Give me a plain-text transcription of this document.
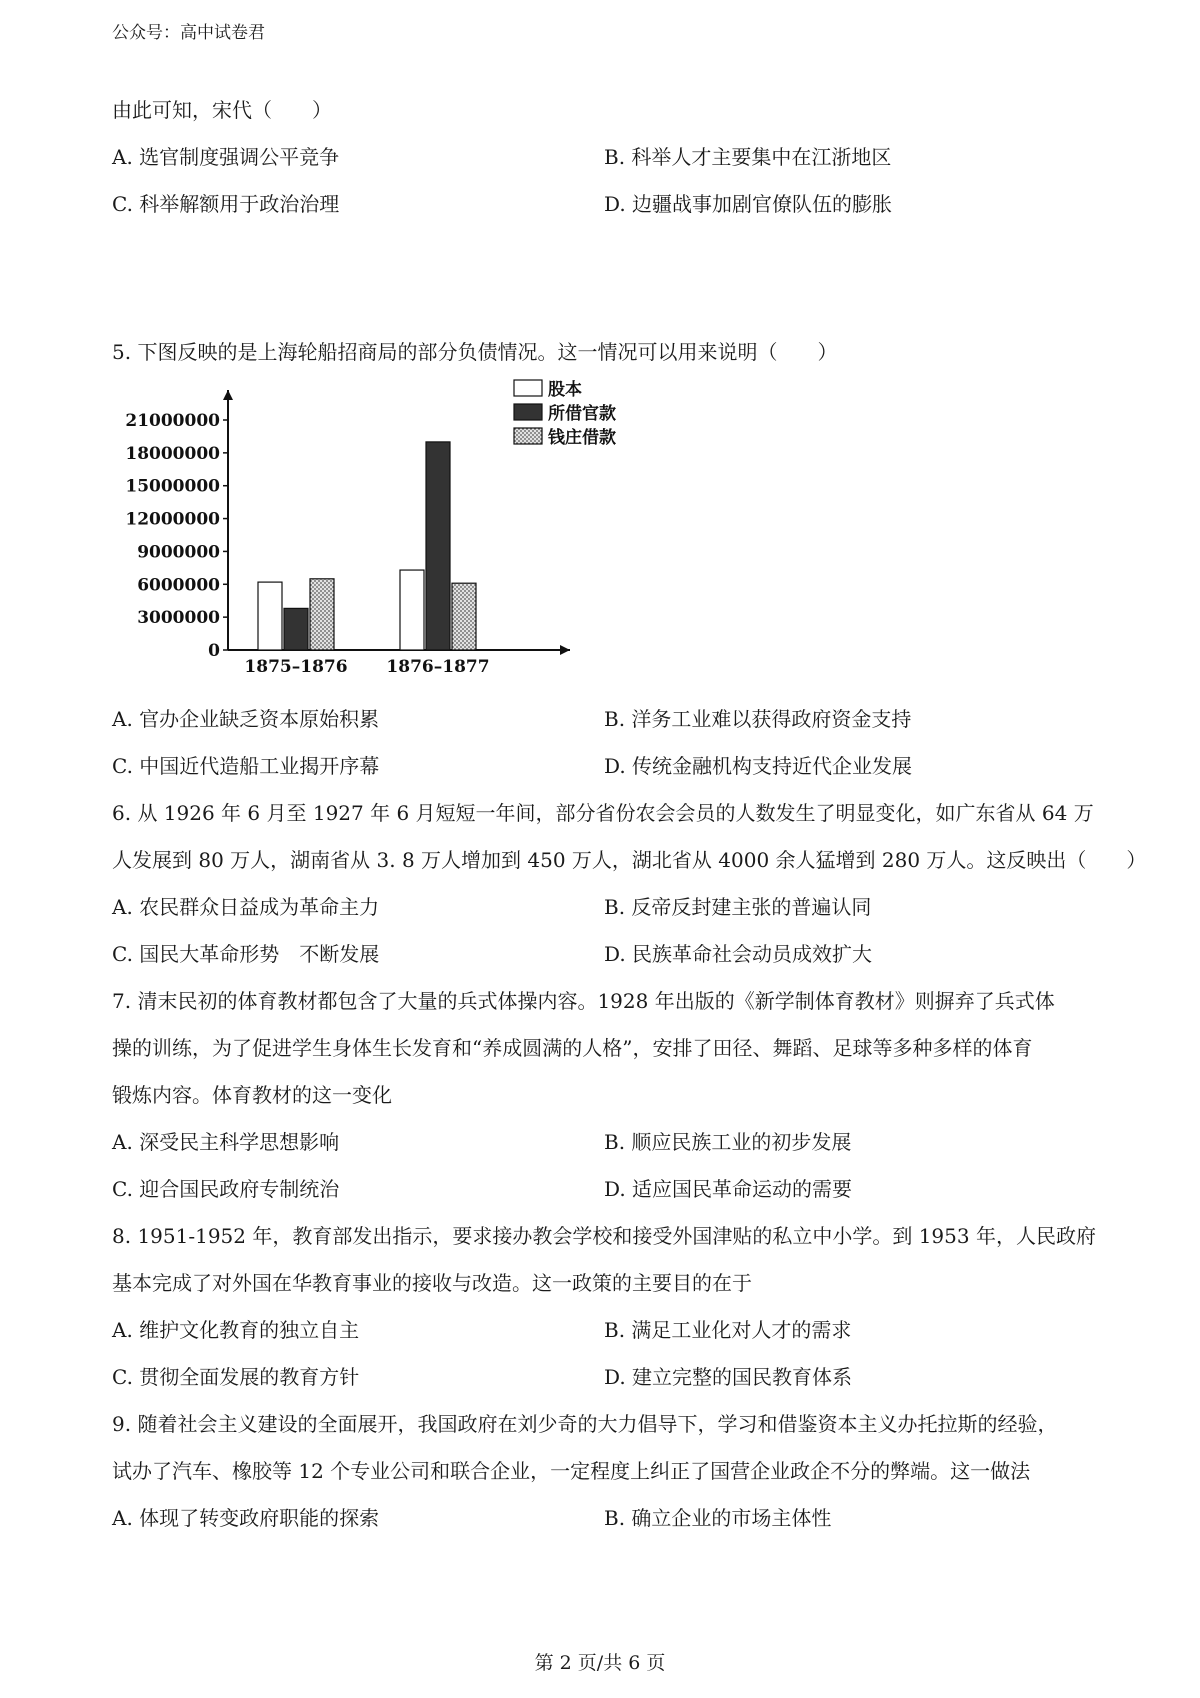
公众号：高中试卷君
由此可知，宋代（　　）
A. 选官制度强调公平竞争	B. 科举人才主要集中在江浙地区
C. 科举解额用于政治治理	D. 边疆战事加剧官僚队伍的膨胀
5. 下图反映的是上海轮船招商局的部分负债情况。这一情况可以用来说明（　　）
0
3000000
6000000
9000000
12000000
15000000
18000000
21000000
1875–1876 1876–1877
股本
所借官款
钱庄借款
A. 官办企业缺乏资本原始积累	B. 洋务工业难以获得政府资金支持
C. 中国近代造船工业揭开序幕	D. 传统金融机构支持近代企业发展
6. 从 1926 年 6 月至 1927 年 6 月短短一年间，部分省份农会会员的人数发生了明显变化，如广东省从 64 万
人发展到 80 万人，湖南省从 3. 8 万人增加到 450 万人，湖北省从 4000 余人猛增到 280 万人。这反映出（　　）
A. 农民群众日益成为革命主力	B. 反帝反封建主张的普遍认同
C. 国民大革命形势　不断发展	D. 民族革命社会动员成效扩大
7. 清末民初的体育教材都包含了大量的兵式体操内容。1928 年出版的《新学制体育教材》则摒弃了兵式体
操的训练，为了促进学生身体生长发育和“养成圆满的人格”，安排了田径、舞蹈、足球等多种多样的体育
锻炼内容。体育教材的这一变化
A. 深受民主科学思想影响	B. 顺应民族工业的初步发展
C. 迎合国民政府专制统治	D. 适应国民革命运动的需要
8. 1951-1952 年，教育部发出指示，要求接办教会学校和接受外国津贴的私立中小学。到 1953 年，人民政府
基本完成了对外国在华教育事业的接收与改造。这一政策的主要目的在于
A. 维护文化教育的独立自主	B. 满足工业化对人才的需求
C. 贯彻全面发展的教育方针	D. 建立完整的国民教育体系
9. 随着社会主义建设的全面展开，我国政府在刘少奇的大力倡导下，学习和借鉴资本主义办托拉斯的经验，
试办了汽车、橡胶等 12 个专业公司和联合企业，一定程度上纠正了国营企业政企不分的弊端。这一做法
A. 体现了转变政府职能的探索	B. 确立企业的市场主体性
第 2 页/共 6 页
